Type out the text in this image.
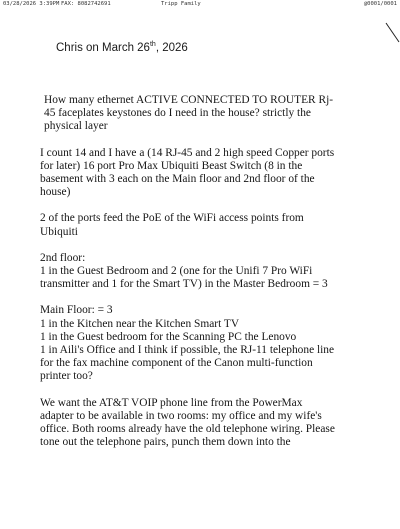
03/28/2026 3:39PM FAX: 8082742691	Tripp Family	@0001/0001
Chris on March 26th, 2026

How many ethernet ACTIVE CONNECTED TO ROUTER Rj-
45 faceplates keystones do I need in the house? strictly the
physical layer

I count 14 and I have a (14 RJ-45 and 2 high speed Copper ports
for later) 16 port Pro Max Ubiquiti Beast Switch (8 in the
basement with 3 each on the Main floor and 2nd floor of the
house)

2 of the ports feed the PoE of the WiFi access points from
Ubiquiti

2nd floor:
1 in the Guest Bedroom and 2 (one for the Unifi 7 Pro WiFi
transmitter and 1 for the Smart TV) in the Master Bedroom = 3

Main Floor: = 3
1 in the Kitchen near the Kitchen Smart TV
1 in the Guest bedroom for the Scanning PC the Lenovo
1 in Aili's Office and I think if possible, the RJ-11 telephone line
for the fax machine component of the Canon multi-function
printer too?

We want the AT&T VOIP phone line from the PowerMax
adapter to be available in two rooms: my office and my wife's
office. Both rooms already have the old telephone wiring. Please
tone out the telephone pairs, punch them down into the
